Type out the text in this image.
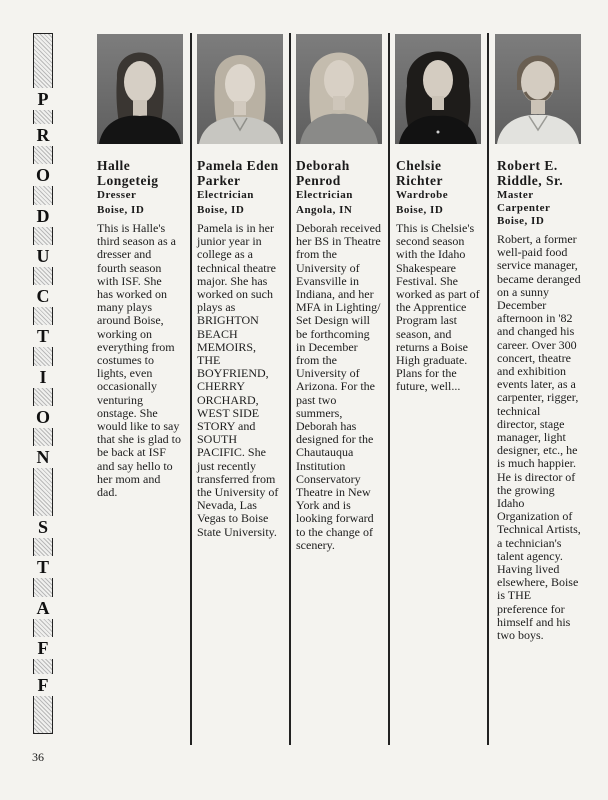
P
R
O
D
U
C
T
I
O
N
S
T
A
F
F
Halle
Longeteig
Dresser
Boise, ID
This is Halle's
third season as a
dresser and
fourth season
with ISF. She
has worked on
many plays
around Boise,
working on
everything from
costumes to
lights, even
occasionally
venturing
onstage. She
would like to say
that she is glad to
be back at ISF
and say hello to
her mom and
dad.
Pamela Eden
Parker
Electrician
Boise, ID
Pamela is in her
junior year in
college as a
technical theatre
major. She has
worked on such
plays as
BRIGHTON
BEACH
MEMOIRS,
THE
BOYFRIEND,
CHERRY
ORCHARD,
WEST SIDE
STORY and
SOUTH
PACIFIC. She
just recently
transferred from
the University of
Nevada, Las
Vegas to Boise
State University.
Deborah
Penrod
Electrician
Angola, IN
Deborah received
her BS in Theatre
from the
University of
Evansville in
Indiana, and her
MFA in Lighting/
Set Design will
be forthcoming
in December
from the
University of
Arizona. For the
past two
summers,
Deborah has
designed for the
Chautauqua
Institution
Conservatory
Theatre in New
York and is
looking forward
to the change of
scenery.
Chelsie
Richter
Wardrobe
Boise, ID
This is Chelsie's
second season
with the Idaho
Shakespeare
Festival. She
worked as part of
the Apprentice
Program last
season, and
returns a Boise
High graduate.
Plans for the
future, well...
Robert E.
Riddle, Sr.
Master
Carpenter
Boise, ID
Robert, a former
well-paid food
service manager,
became deranged
on a sunny
December
afternoon in '82
and changed his
career. Over 300
concert, theatre
and exhibition
events later, as a
carpenter, rigger,
technical
director, stage
manager, light
designer, etc., he
is much happier.
He is director of
the growing
Idaho
Organization of
Technical Artists,
a technician's
talent agency.
Having lived
elsewhere, Boise
is THE
preference for
himself and his
two boys.
36
